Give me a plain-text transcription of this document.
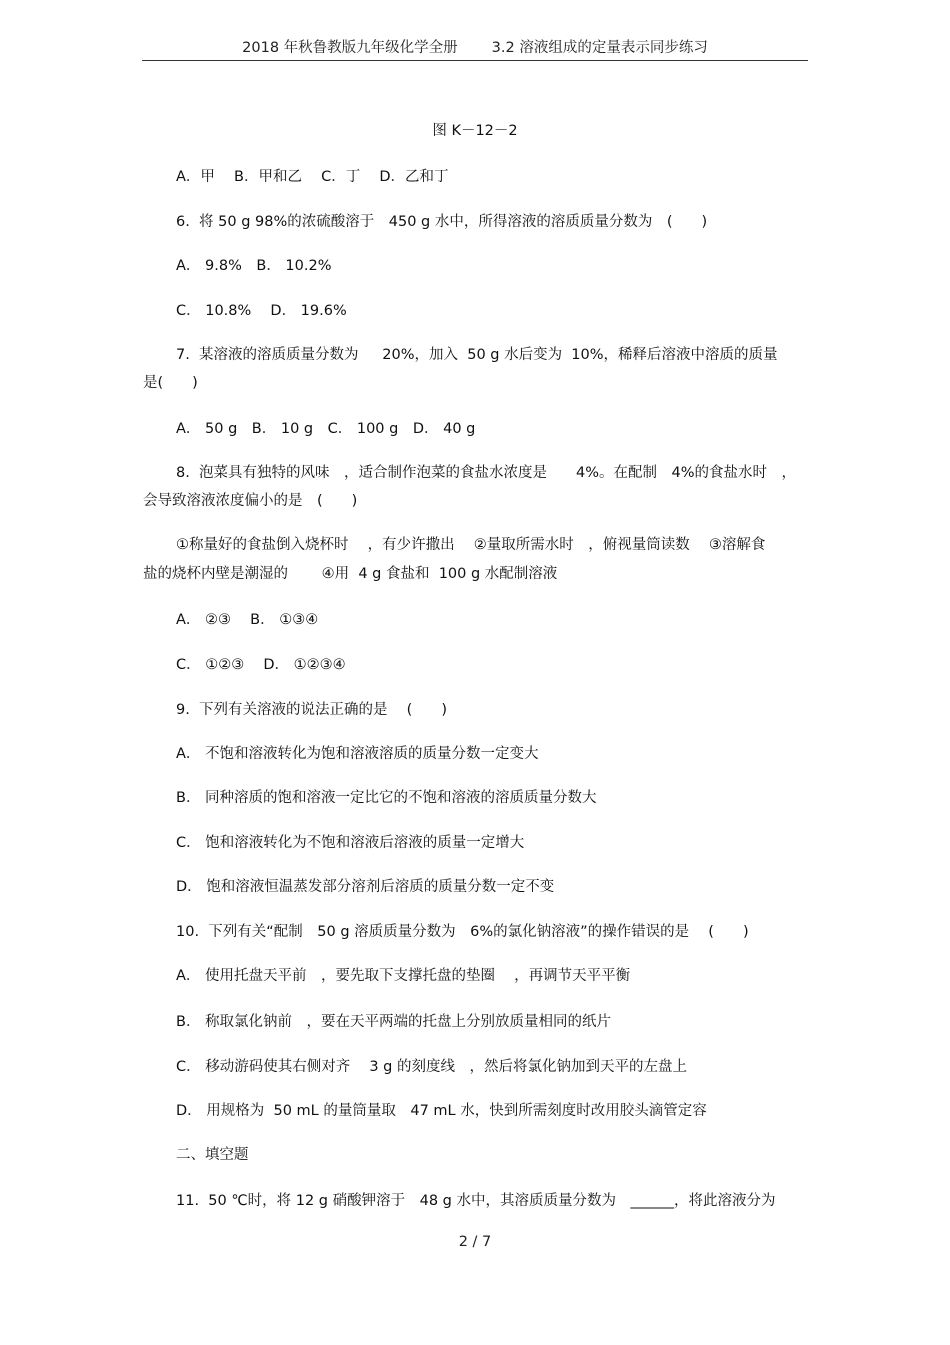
2018 年秋鲁教版九年级化学全册 3.2 溶液组成的定量表示同步练习
图 K－12－2
A．甲　 B．甲和乙　 C．丁　 D．乙和丁
6.  将 50 g 98%的浓硫酸溶于　450 g 水中，所得溶液的溶质质量分数为　(　　)
A． 9.8%　B． 10.2%
C． 10.8%　 D． 19.6%
7.  某溶液的溶质质量分数为　  20%，加入  50 g 水后变为  10%，稀释后溶液中溶质的质量
是(　　)
A． 50 g　B． 10 g　C． 100 g　D． 40 g
8.  泡菜具有独特的风味　，适合制作泡菜的食盐水浓度是　　4%。在配制　4%的食盐水时　，
会导致溶液浓度偏小的是　(　　)
①称量好的食盐倒入烧杯时　 ，有少许撒出　 ②量取所需水时　，俯视量筒读数　 ③溶解食
盐的烧杯内壁是潮湿的　 　④用  4 g 食盐和  100 g 水配制溶液
A． ②③　 B． ①③④
C． ①②③　 D． ①②③④
9.  下列有关溶液的说法正确的是　 (　　)
A． 不饱和溶液转化为饱和溶液溶质的质量分数一定变大
B． 同种溶质的饱和溶液一定比它的不饱和溶液的溶质质量分数大
C． 饱和溶液转化为不饱和溶液后溶液的质量一定增大
D． 饱和溶液恒温蒸发部分溶剂后溶质的质量分数一定不变
10.  下列有关“配制　50 g 溶质质量分数为　6%的氯化钠溶液”的操作错误的是　 (　　)
A． 使用托盘天平前　，要先取下支撑托盘的垫圈　 ，再调节天平平衡
B． 称取氯化钠前　，要在天平两端的托盘上分别放质量相同的纸片
C． 移动游码使其右侧对齐　 3 g 的刻度线　，然后将氯化钠加到天平的左盘上
D． 用规格为  50 mL 的量筒量取　47 mL 水，快到所需刻度时改用胶头滴管定容
二、填空题
11.  50 ℃时，将 12 g 硝酸钾溶于　48 g 水中，其溶质质量分数为　______，将此溶液分为
2 / 7
